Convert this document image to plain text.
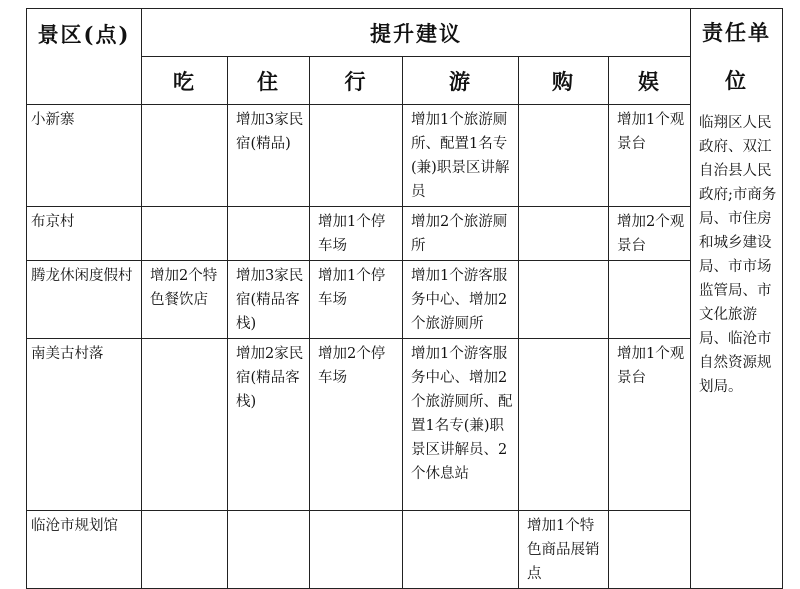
景区(点)	提升建议						责任单位
临翔区人民政府、双江自治县人民政府;市商务局、市住房和城乡建设局、市市场监管局、市文化旅游局、临沧市自然资源规划局。

	吃	住	行	游	购	娱	
小新寨		增加3家民宿(精品)		增加1个旅游厕所、配置1名专(兼)职景区讲解员		增加1个观景台	
布京村			增加1个停车场	增加2个旅游厕所		增加2个观景台	
腾龙休闲度假村	增加2个特色餐饮店	增加3家民宿(精品客栈)	增加1个停车场	增加1个游客服务中心、增加2个旅游厕所			
南美古村落		增加2家民宿(精品客栈)	增加2个停车场	增加1个游客服务中心、增加2个旅游厕所、配置1名专(兼)职景区讲解员、2个休息站		增加1个观景台	
临沧市规划馆					增加1个特色商品展销点		
